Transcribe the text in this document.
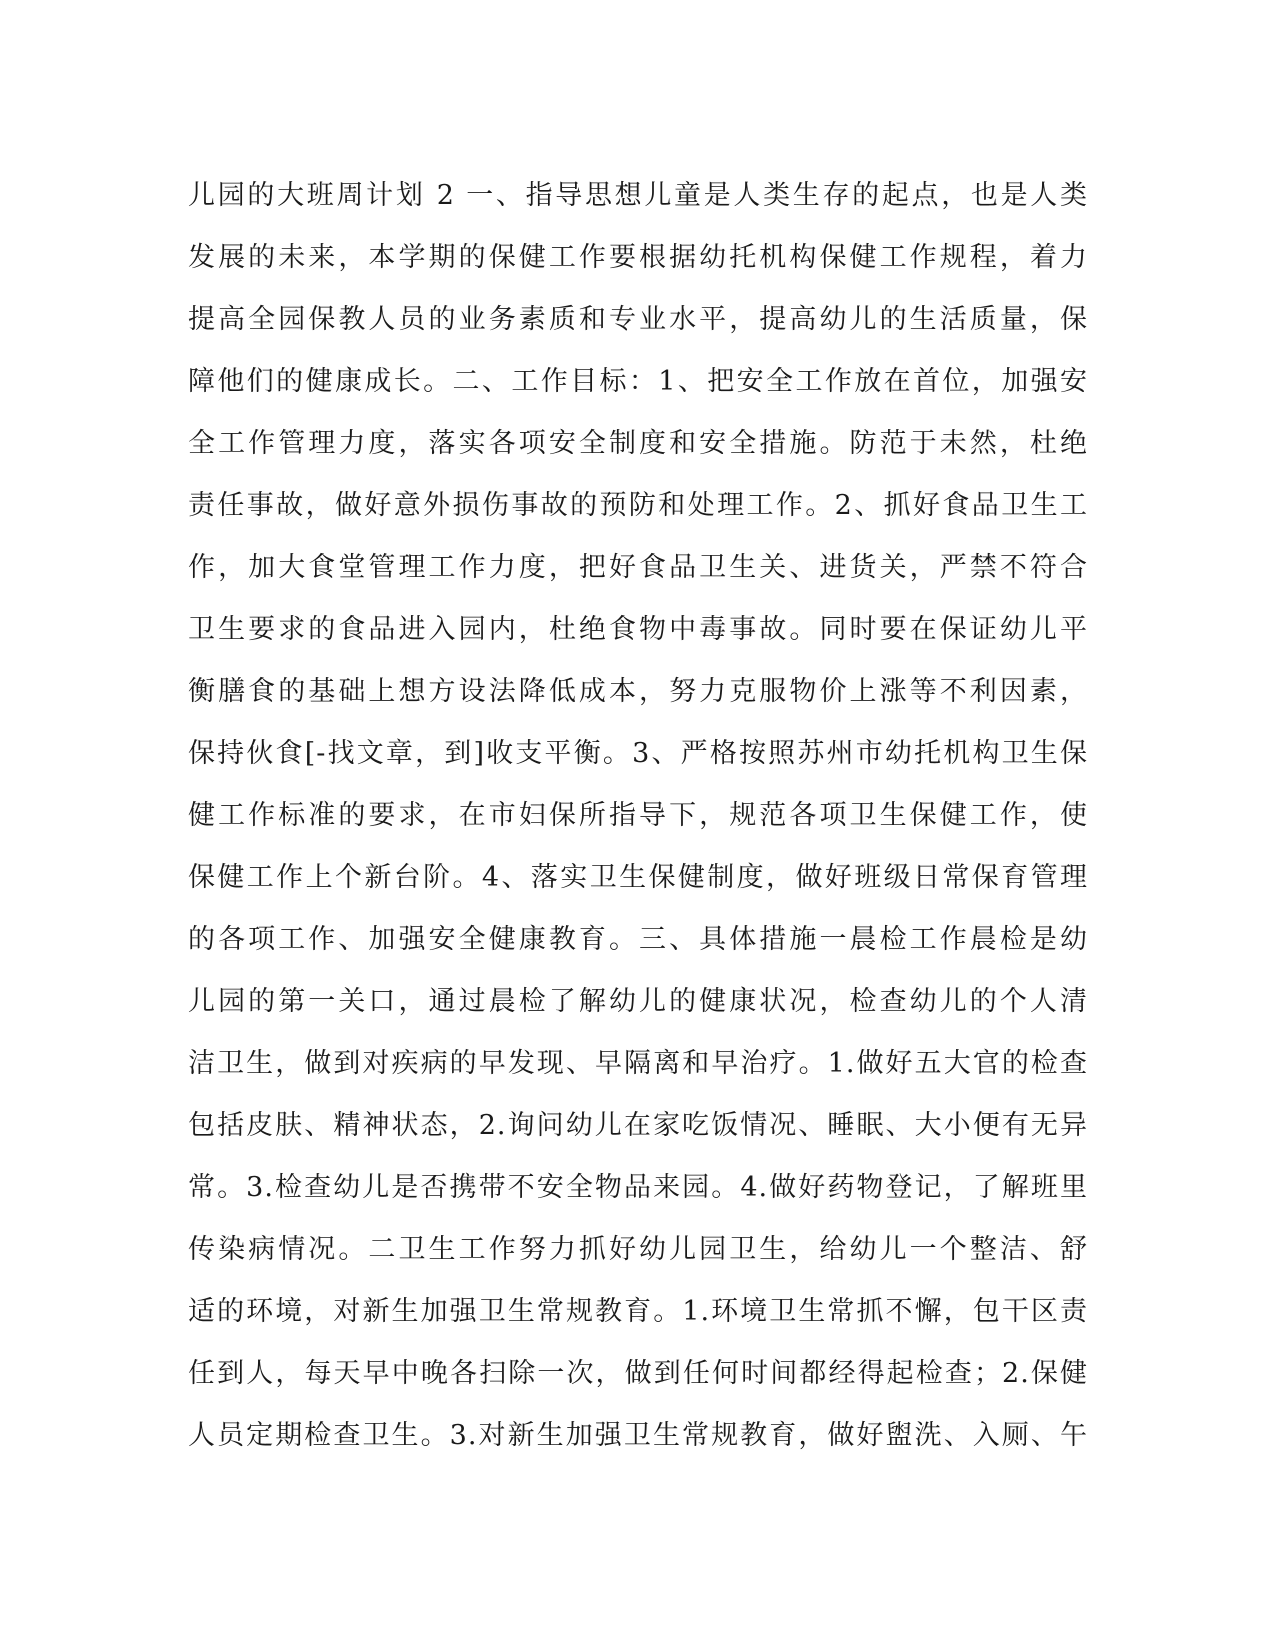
儿园的大班周计划 2 一、指导思想儿童是人类生存的起点，也是人类
发展的未来，本学期的保健工作要根据幼托机构保健工作规程，着力
提高全园保教人员的业务素质和专业水平，提高幼儿的生活质量，保
障他们的健康成长。二、工作目标：1、把安全工作放在首位，加强安
全工作管理力度，落实各项安全制度和安全措施。防范于未然，杜绝
责任事故，做好意外损伤事故的预防和处理工作。2、抓好食品卫生工
作，加大食堂管理工作力度，把好食品卫生关、进货关，严禁不符合
卫生要求的食品进入园内，杜绝食物中毒事故。同时要在保证幼儿平
衡膳食的基础上想方设法降低成本，努力克服物价上涨等不利因素，
保持伙食[-找文章，到]收支平衡。3、严格按照苏州市幼托机构卫生保
健工作标准的要求，在市妇保所指导下，规范各项卫生保健工作，使
保健工作上个新台阶。4、落实卫生保健制度，做好班级日常保育管理
的各项工作、加强安全健康教育。三、具体措施一晨检工作晨检是幼
儿园的第一关口，通过晨检了解幼儿的健康状况，检查幼儿的个人清
洁卫生，做到对疾病的早发现、早隔离和早治疗。1.做好五大官的检查
包括皮肤、精神状态，2.询问幼儿在家吃饭情况、睡眠、大小便有无异
常。3.检查幼儿是否携带不安全物品来园。4.做好药物登记，了解班里
传染病情况。二卫生工作努力抓好幼儿园卫生，给幼儿一个整洁、舒
适的环境，对新生加强卫生常规教育。1.环境卫生常抓不懈，包干区责
任到人，每天早中晚各扫除一次，做到任何时间都经得起检查；2.保健
人员定期检查卫生。3.对新生加强卫生常规教育，做好盥洗、入厕、午
